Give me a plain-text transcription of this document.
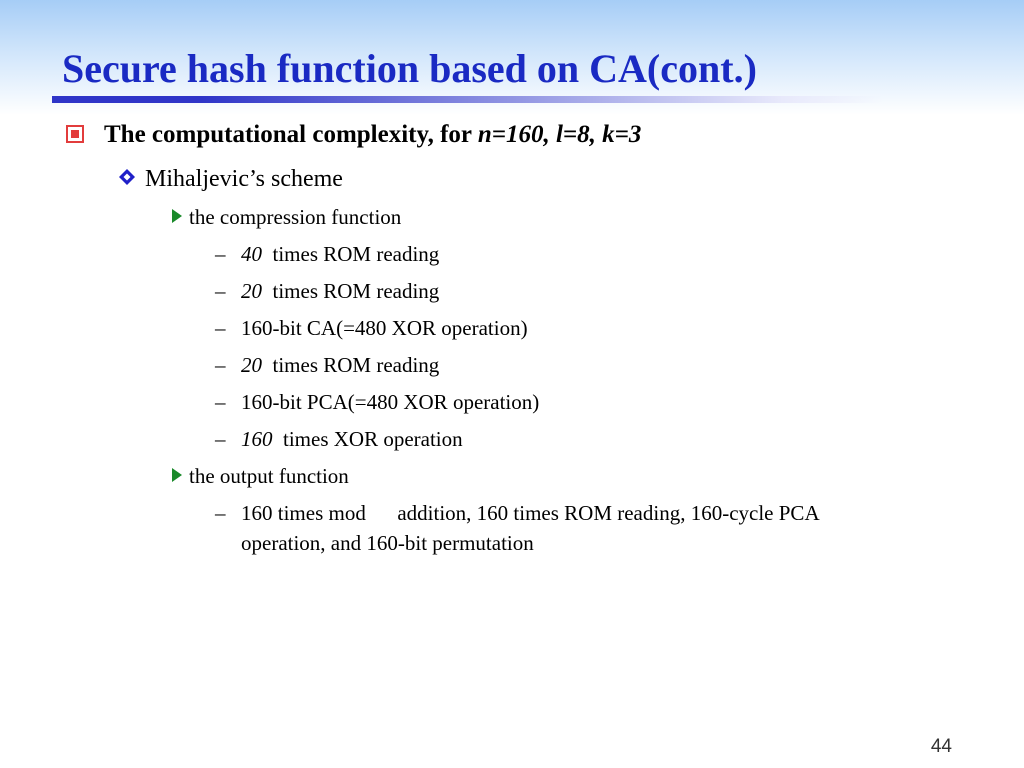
Secure hash function based on CA(cont.)
The computational complexity, for n=160, l=8, k=3
Mihaljevic’s scheme
the compression function
– 40  times ROM reading
– 20  times ROM reading
– 160-bit CA(=480 XOR operation)
– 20  times ROM reading
– 160-bit PCA(=480 XOR operation)
– 160  times XOR operation
the output function
– 160 times mod      addition, 160 times ROM reading, 160-cycle PCA
operation, and 160-bit permutation
44
